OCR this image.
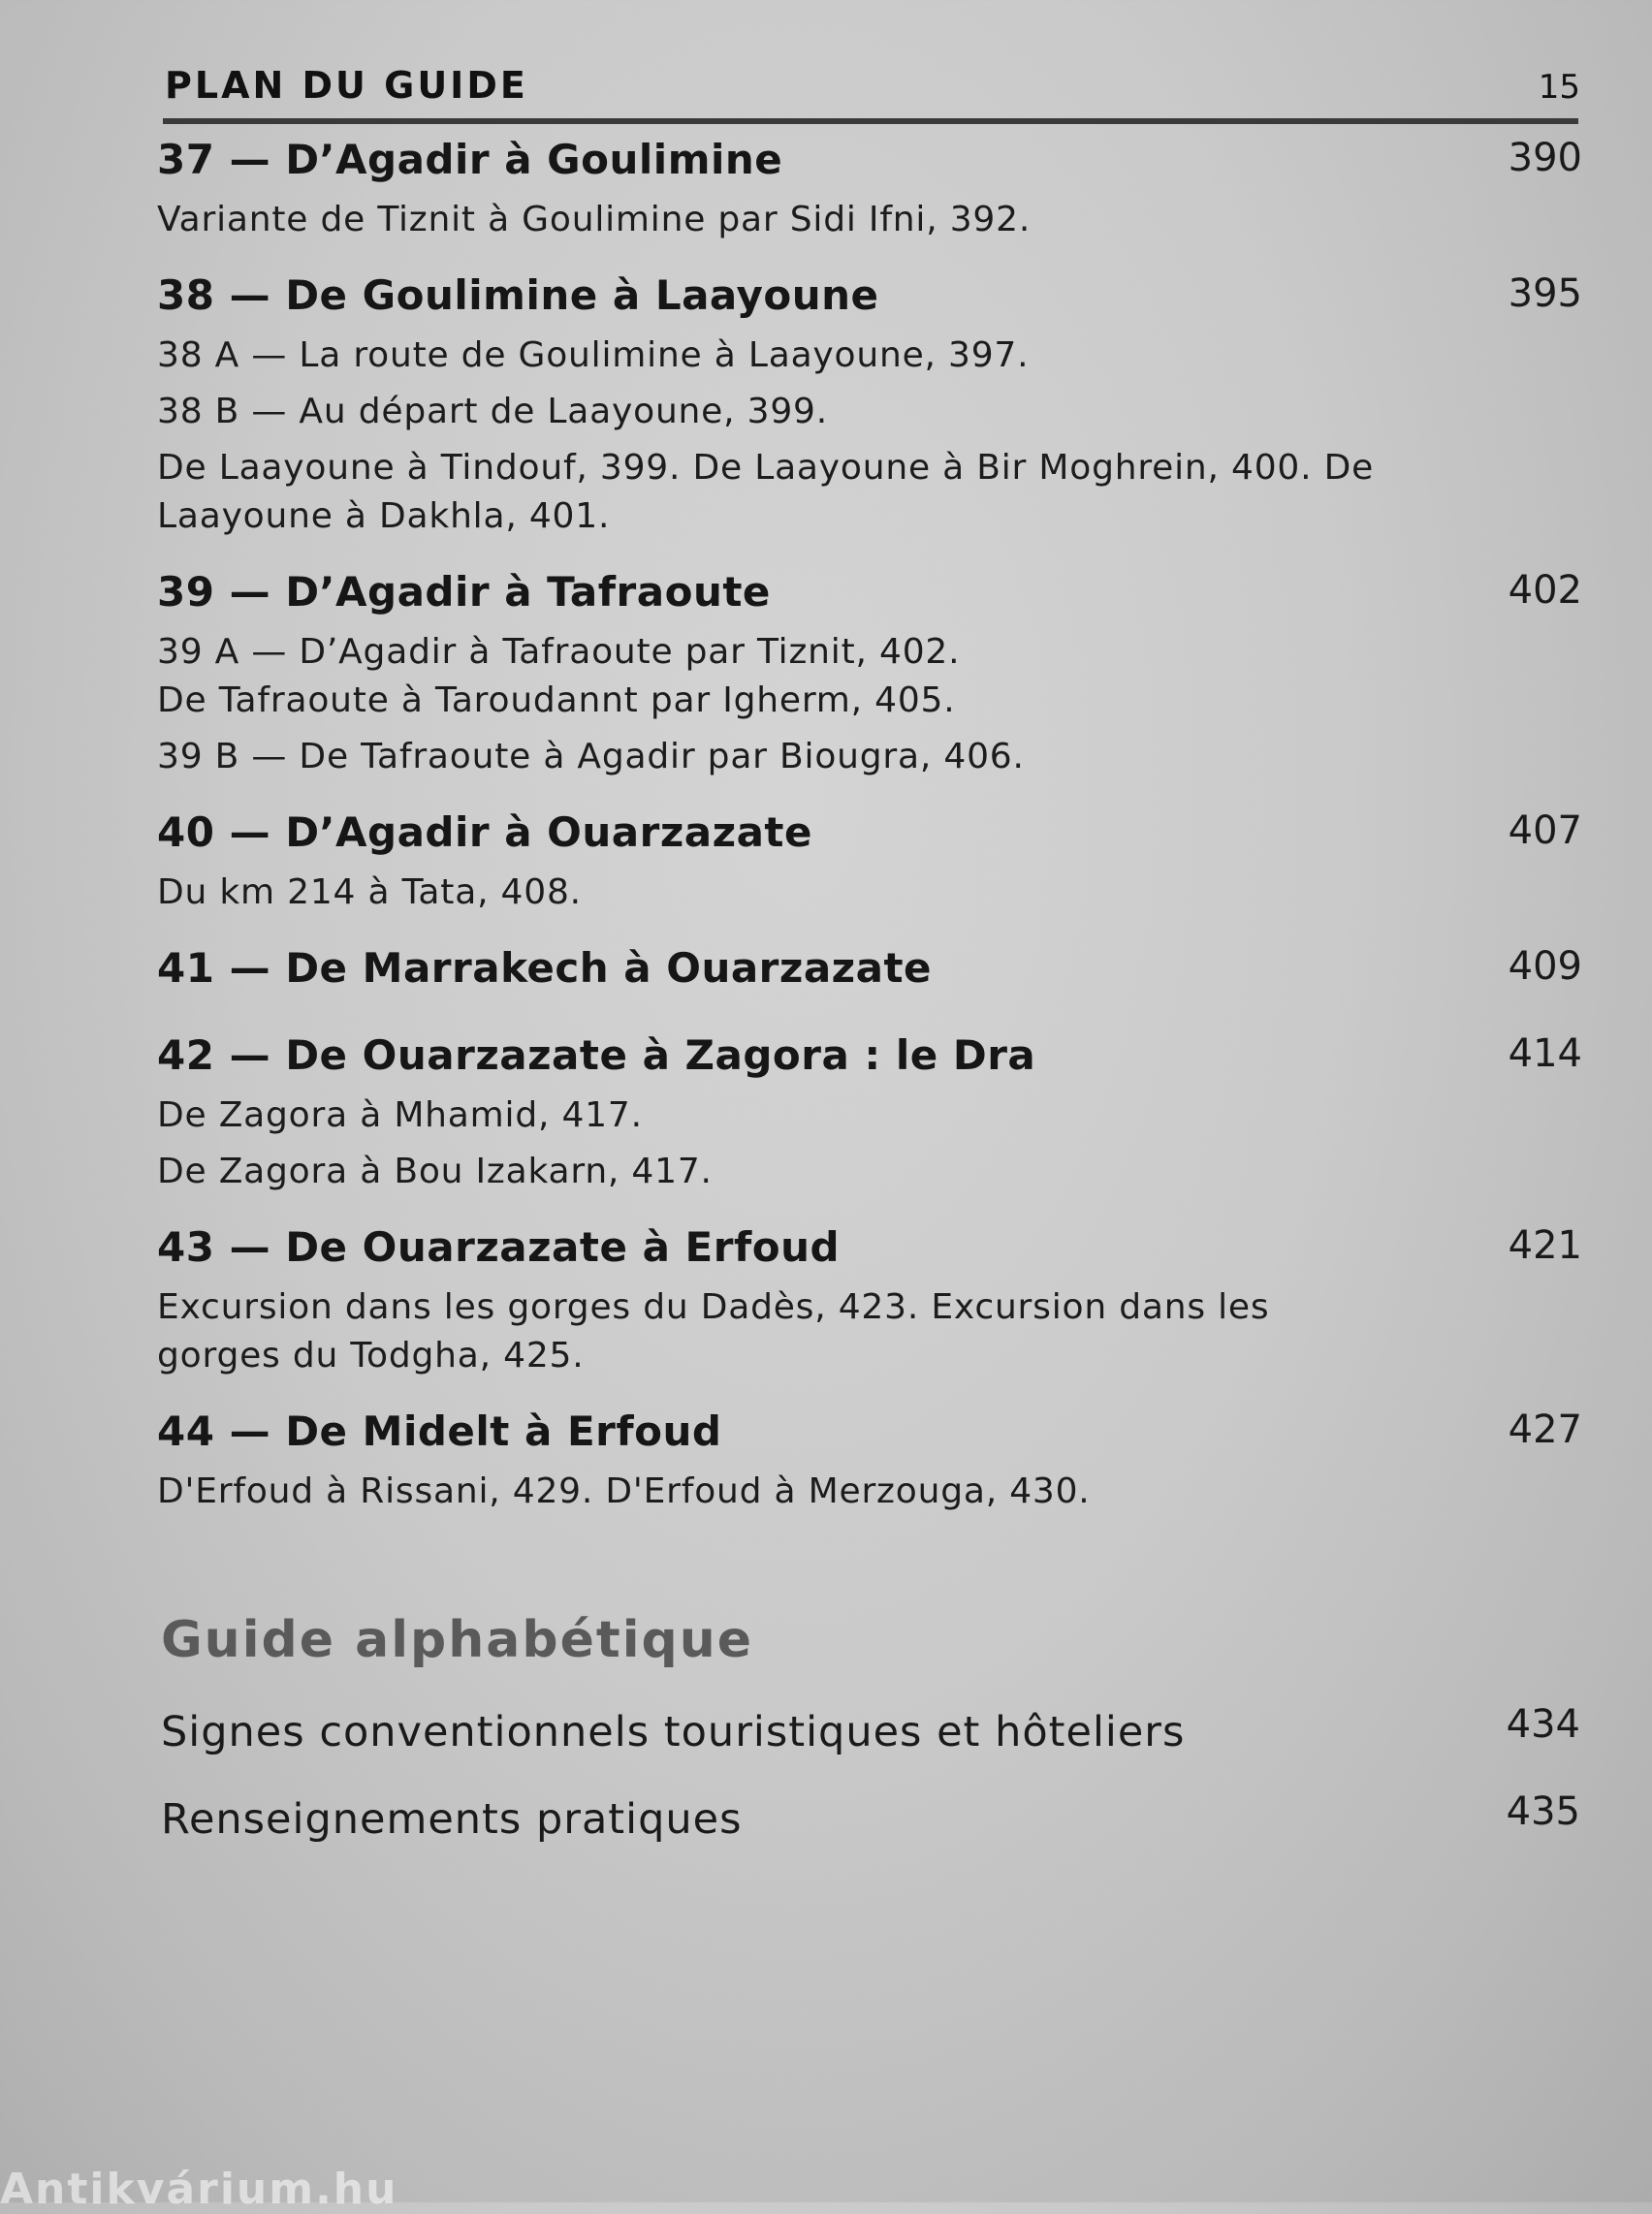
PLAN DU GUIDE	15
37 — D’Agadir à Goulimine	390
Variante de Tiznit à Goulimine par Sidi Ifni, 392.
38 — De Goulimine à Laayoune	395
38 A — La route de Goulimine à Laayoune, 397.
38 B — Au départ de Laayoune, 399.
De Laayoune à Tindouf, 399. De Laayoune à Bir Moghrein, 400. De Laayoune à Dakhla, 401.
39 — D’Agadir à Tafraoute	402
39 A — D’Agadir à Tafraoute par Tiznit, 402.
De Tafraoute à Taroudannt par Igherm, 405.
39 B — De Tafraoute à Agadir par Biougra, 406.
40 — D’Agadir à Ouarzazate	407
Du km 214 à Tata, 408.
41 — De Marrakech à Ouarzazate	409
42 — De Ouarzazate à Zagora : le Dra	414
De Zagora à Mhamid, 417.
De Zagora à Bou Izakarn, 417.
43 — De Ouarzazate à Erfoud	421
Excursion dans les gorges du Dadès, 423. Excursion dans les gorges du Todgha, 425.
44 — De Midelt à Erfoud	427
D'Erfoud à Rissani, 429. D'Erfoud à Merzouga, 430.
Guide alphabétique
Signes conventionnels touristiques et hôteliers	434
Renseignements pratiques	435
Antikvárium.hu
